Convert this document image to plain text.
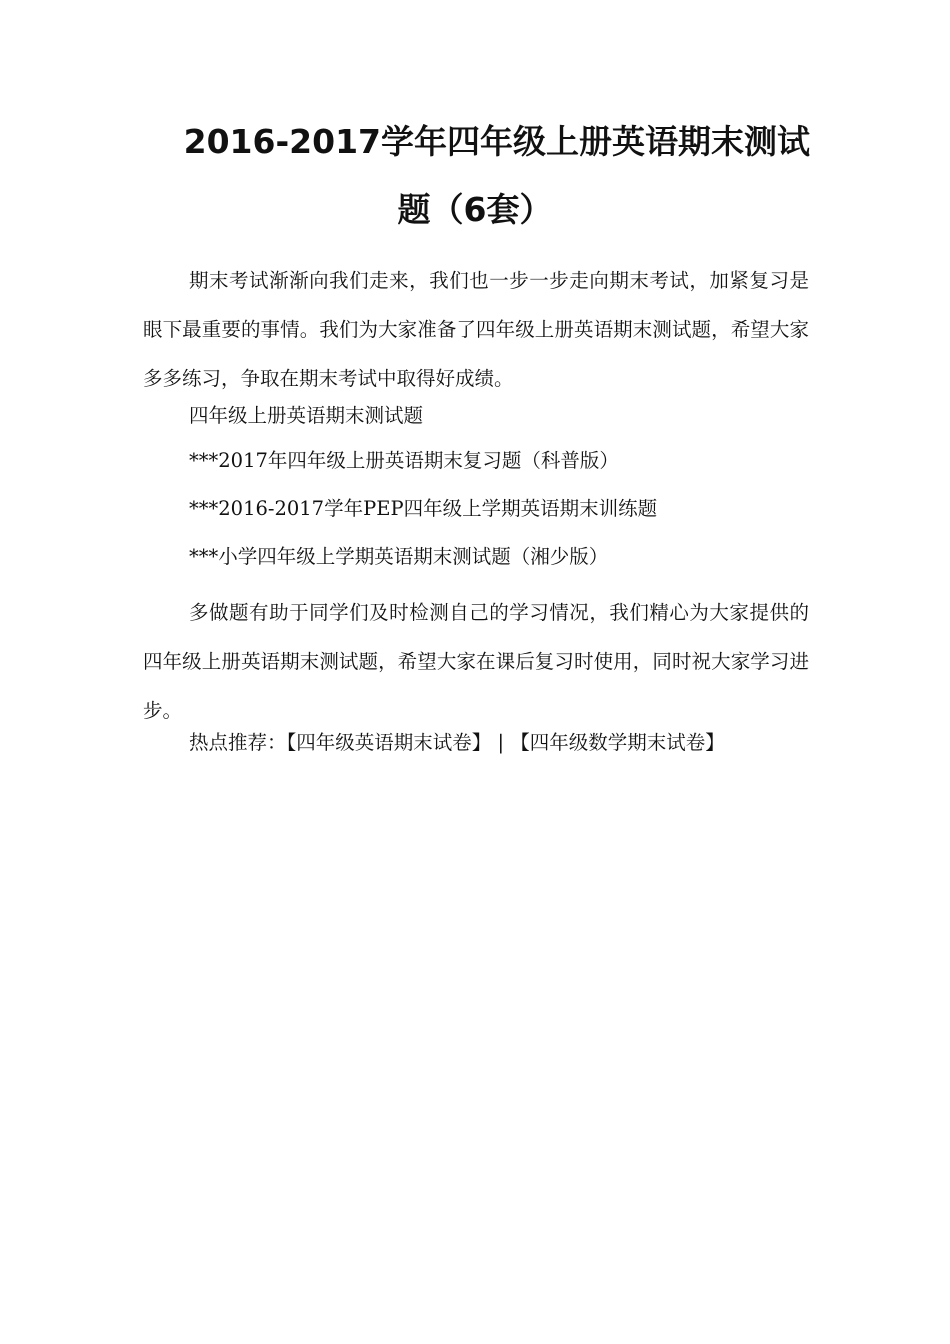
2016-2017学年四年级上册英语期末测试
题（6套）

期末考试渐渐向我们走来，我们也一步一步走向期末考试，加紧复习是眼下最重要的事情。我们为大家准备了四年级上册英语期末测试题，希望大家多多练习，争取在期末考试中取得好成绩。

四年级上册英语期末测试题
***2017年四年级上册英语期末复习题（科普版）
***2016-2017学年PEP四年级上学期英语期末训练题
***小学四年级上学期英语期末测试题（湘少版）

多做题有助于同学们及时检测自己的学习情况，我们精心为大家提供的四年级上册英语期末测试题，希望大家在课后复习时使用，同时祝大家学习进步。

热点推荐：【四年级英语期末试卷】 | 【四年级数学期末试卷】
